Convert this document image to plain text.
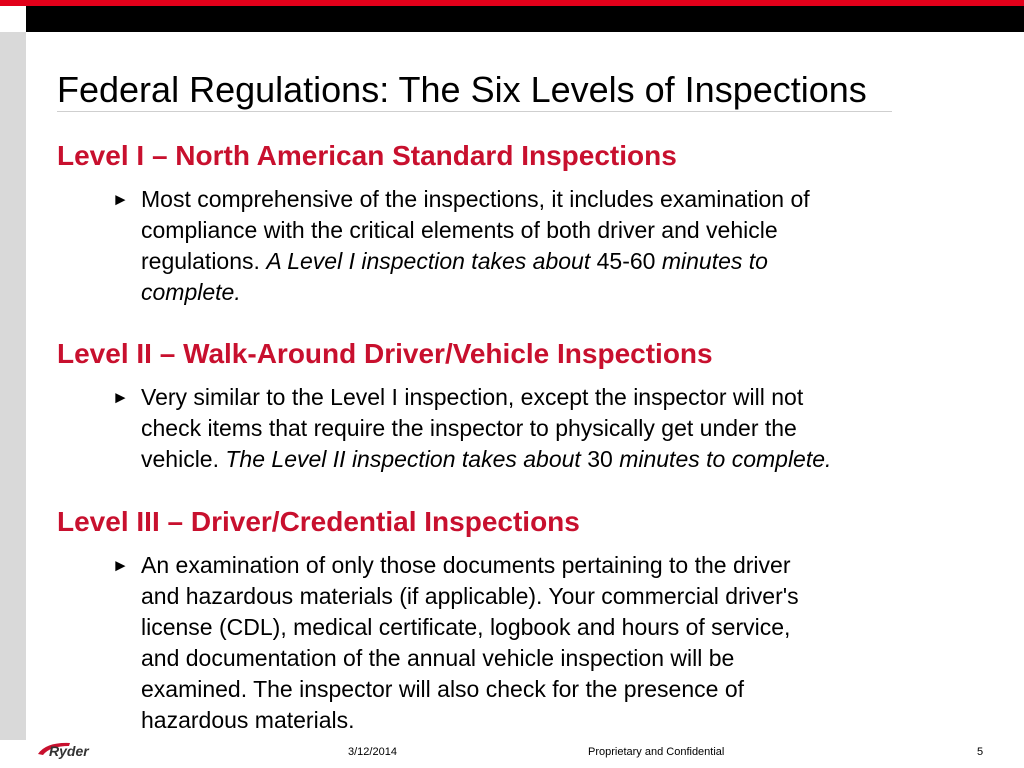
Federal Regulations: The Six Levels of Inspections
Level I – North American Standard Inspections
► Most comprehensive of the inspections, it includes examination of
compliance with the critical elements of both driver and vehicle
regulations. A Level I inspection takes about 45-60 minutes to
complete.

Level II – Walk-Around Driver/Vehicle Inspections
► Very similar to the Level I inspection, except the inspector will not
check items that require the inspector to physically get under the
vehicle. The Level II inspection takes about 30 minutes to complete.

Level III – Driver/Credential Inspections
► An examination of only those documents pertaining to the driver
and hazardous materials (if applicable). Your commercial driver's
license (CDL), medical certificate, logbook and hours of service,
and documentation of the annual vehicle inspection will be
examined. The inspector will also check for the presence of
hazardous materials.

Ryder	3/12/2014	Proprietary and Confidential	5
